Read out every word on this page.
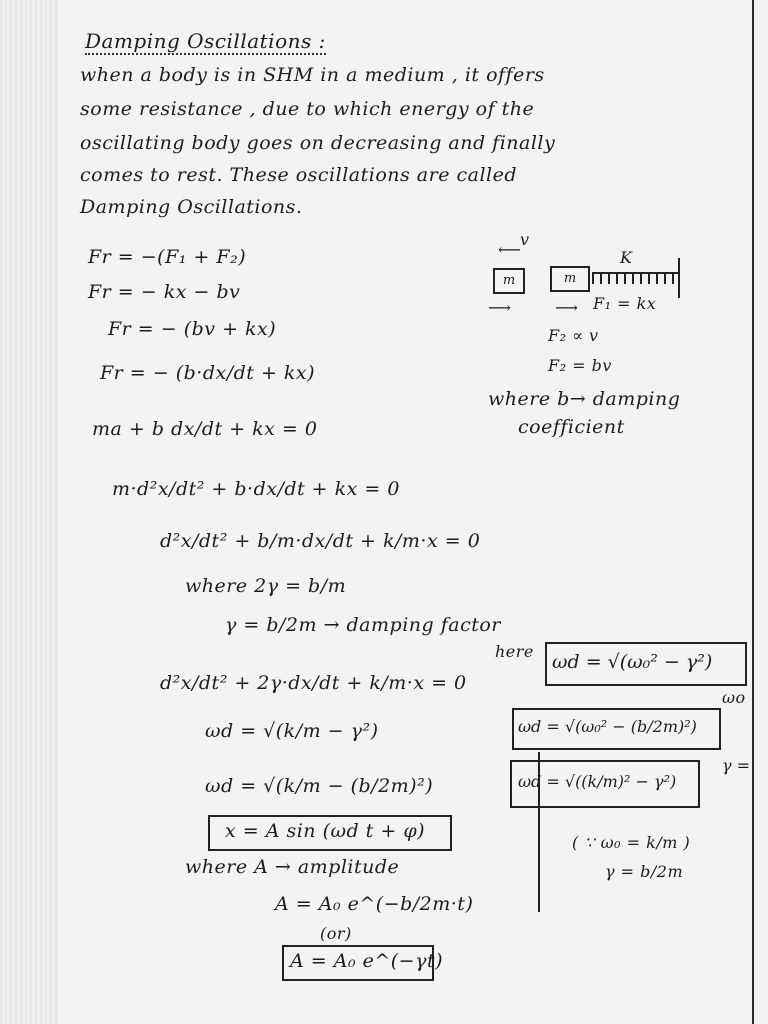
Damping Oscillations :
when a body is in SHM in a medium , it offers
some resistance , due to which energy of the
oscillating body goes on decreasing and finally
comes to rest. These oscillations are called
Damping Oscillations.
Fr = −(F₁ + F₂)
Fr = − kx − bv
Fr = − (bv + kx)
Fr = − (b·dx/dt + kx)
ma + b dx/dt + kx = 0
m·d²x/dt² + b·dx/dt + kx = 0
d²x/dt² + b/m·dx/dt + k/m·x = 0
where 2γ = b/m
γ = b/2m → damping factor
d²x/dt² + 2γ·dx/dt + k/m·x = 0
ωd = √(k/m − γ²)
ωd = √(k/m − (b/2m)²)
x = A sin (ωd t + φ)
where A → amplitude
A = A₀ e^(−b/2m·t)
(or)
A = A₀ e^(−γt)
v
⟵	K
m	m
⟶	⟶ F₁ = kx
F₂ ∝ v
F₂ = bv
where b→ damping
coefficient
here ωd = √(ω₀² − γ²)
ωo
ωd = √(ω₀² − (b/2m)²)
γ =
ωd = √((k/m)² − γ²)
( ∵ ω₀ = k/m )
γ = b/2m
